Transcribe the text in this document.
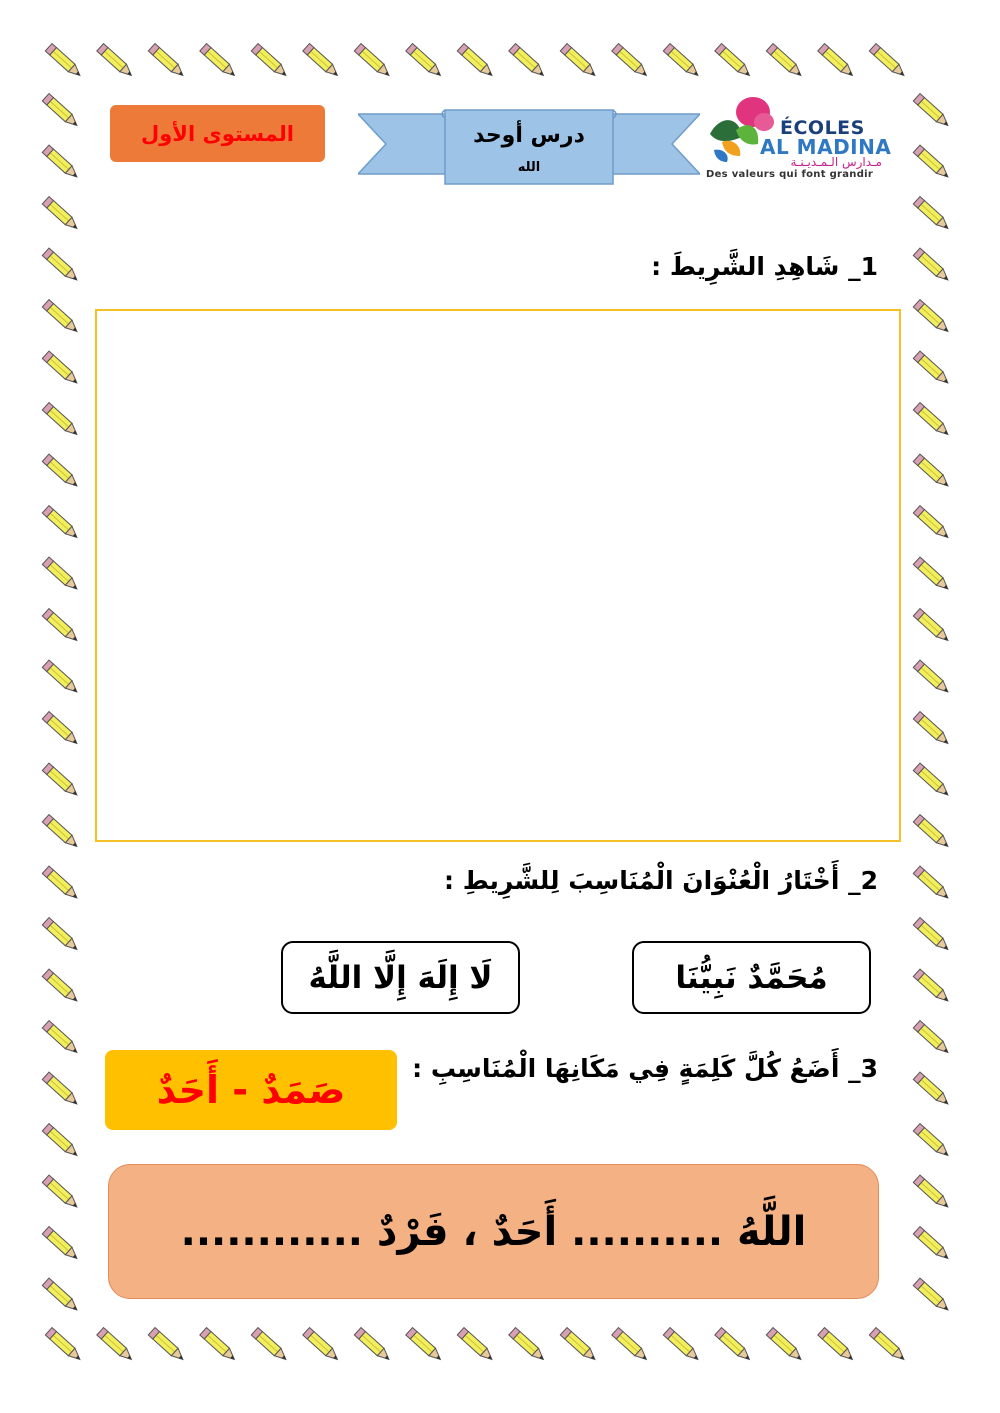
المستوى الأول	درس أوحد
الله
ÉCOLES
AL MADINA
مـدارس الـمـديـنـة
Des valeurs qui font grandir
1_ شَاهِدِ الشَّرِيطَ :
2_ أَخْتَارُ الْعُنْوَانَ الْمُنَاسِبَ لِلشَّرِيطِ :
مُحَمَّدٌ نَبِيُّنَا
لَا إِلَهَ إِلَّا اللَّهُ
3_ أَضَعُ كُلَّ كَلِمَةٍ فِي مَكَانِهَا الْمُنَاسِبِ :
صَمَدٌ - أَحَدٌ
اللَّهُ

..........

أَحَدٌ ، فَرْدٌ

............
